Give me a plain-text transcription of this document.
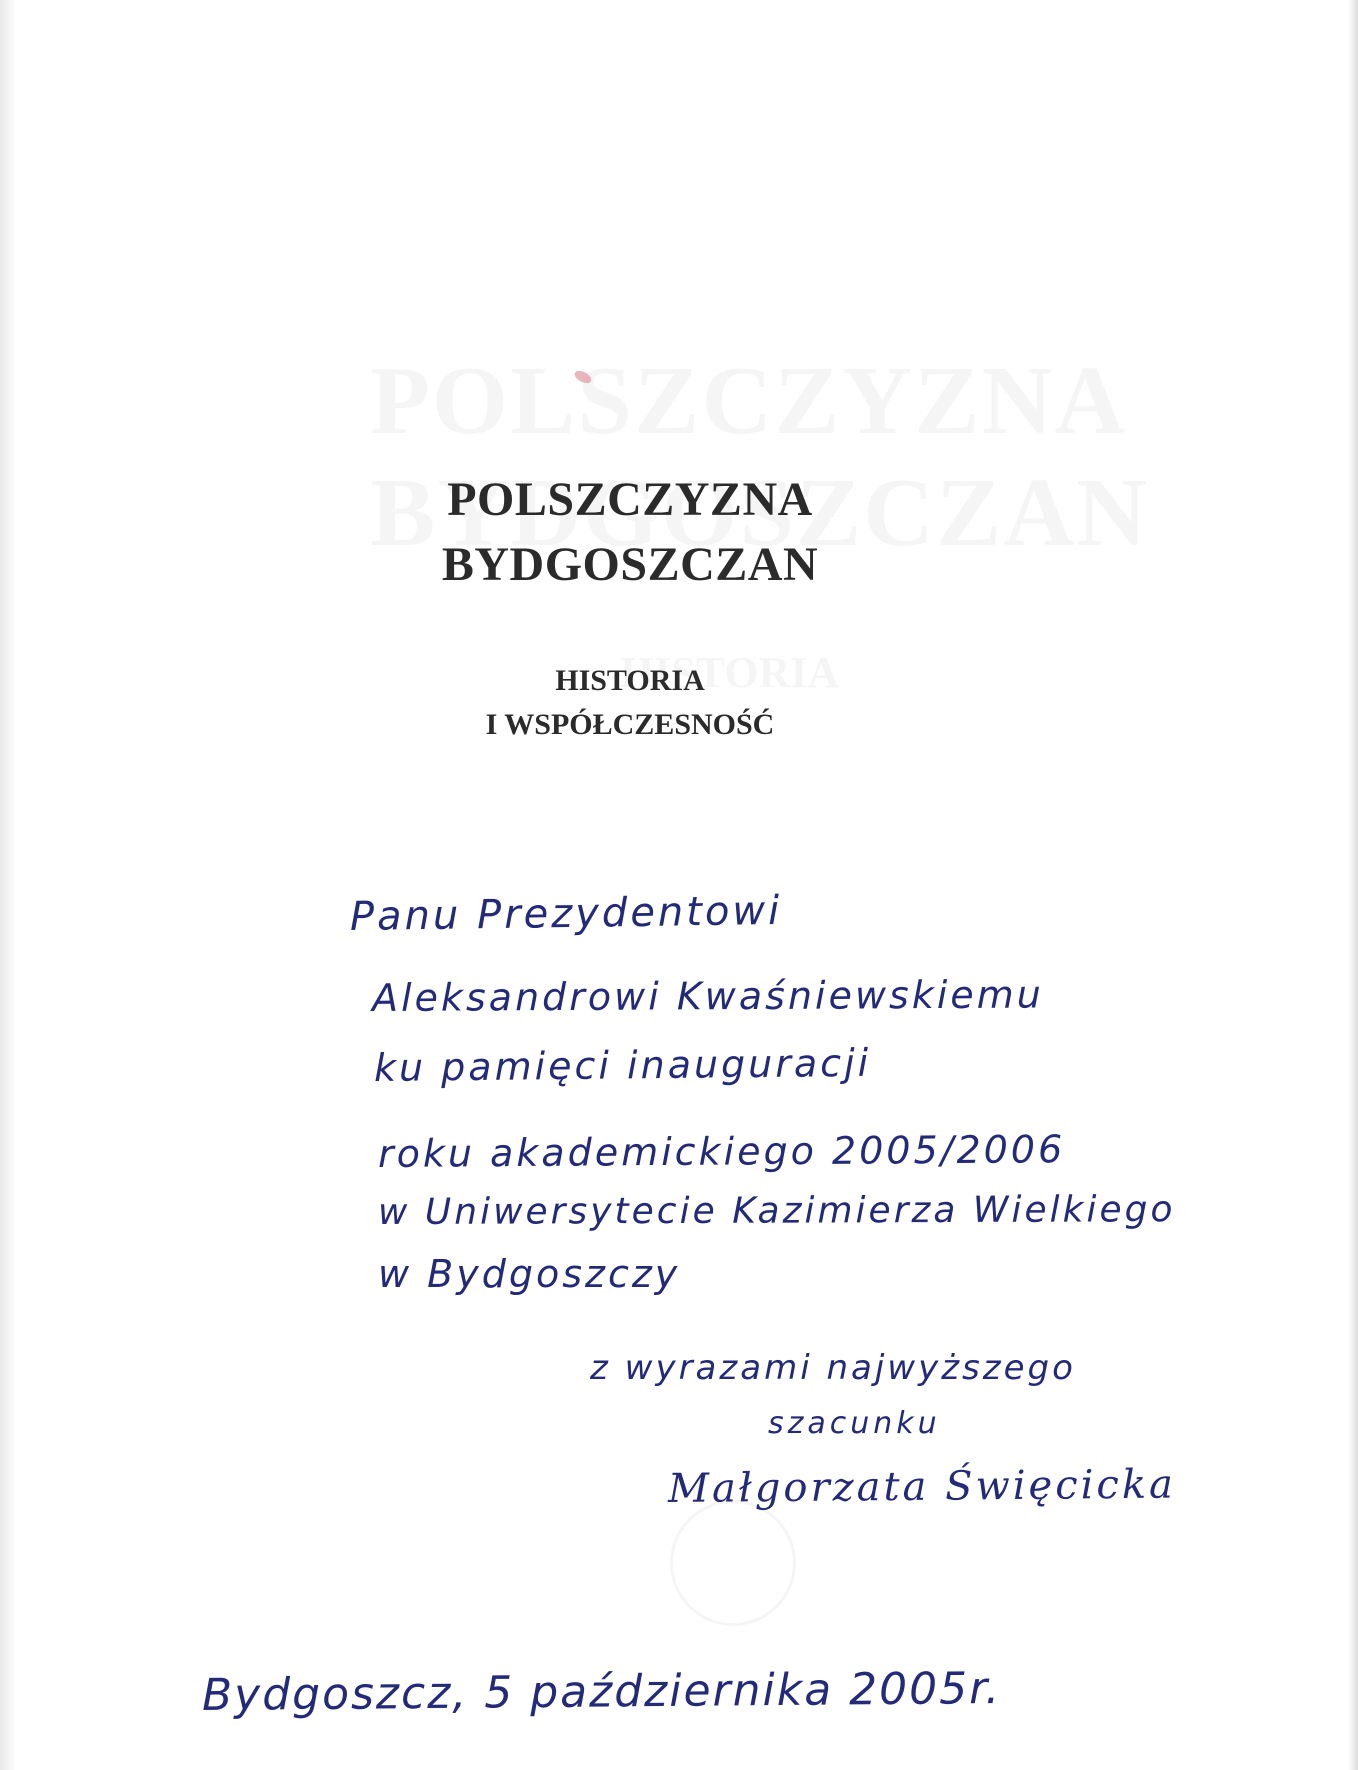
POLSZCZYZNA
BYDGOSZCZAN
HISTORIA
I WSPÓŁCZESNOŚĆ
Panu Prezydentowi
Aleksandrowi Kwaśniewskiemu
ku pamięci inauguracji
roku akademickiego 2005/2006
w Uniwersytecie Kazimierza Wielkiego
w Bydgoszczy
z wyrazami najwyższego
szacunku
Małgorzata Święcicka
Bydgoszcz, 5 października 2005r.
